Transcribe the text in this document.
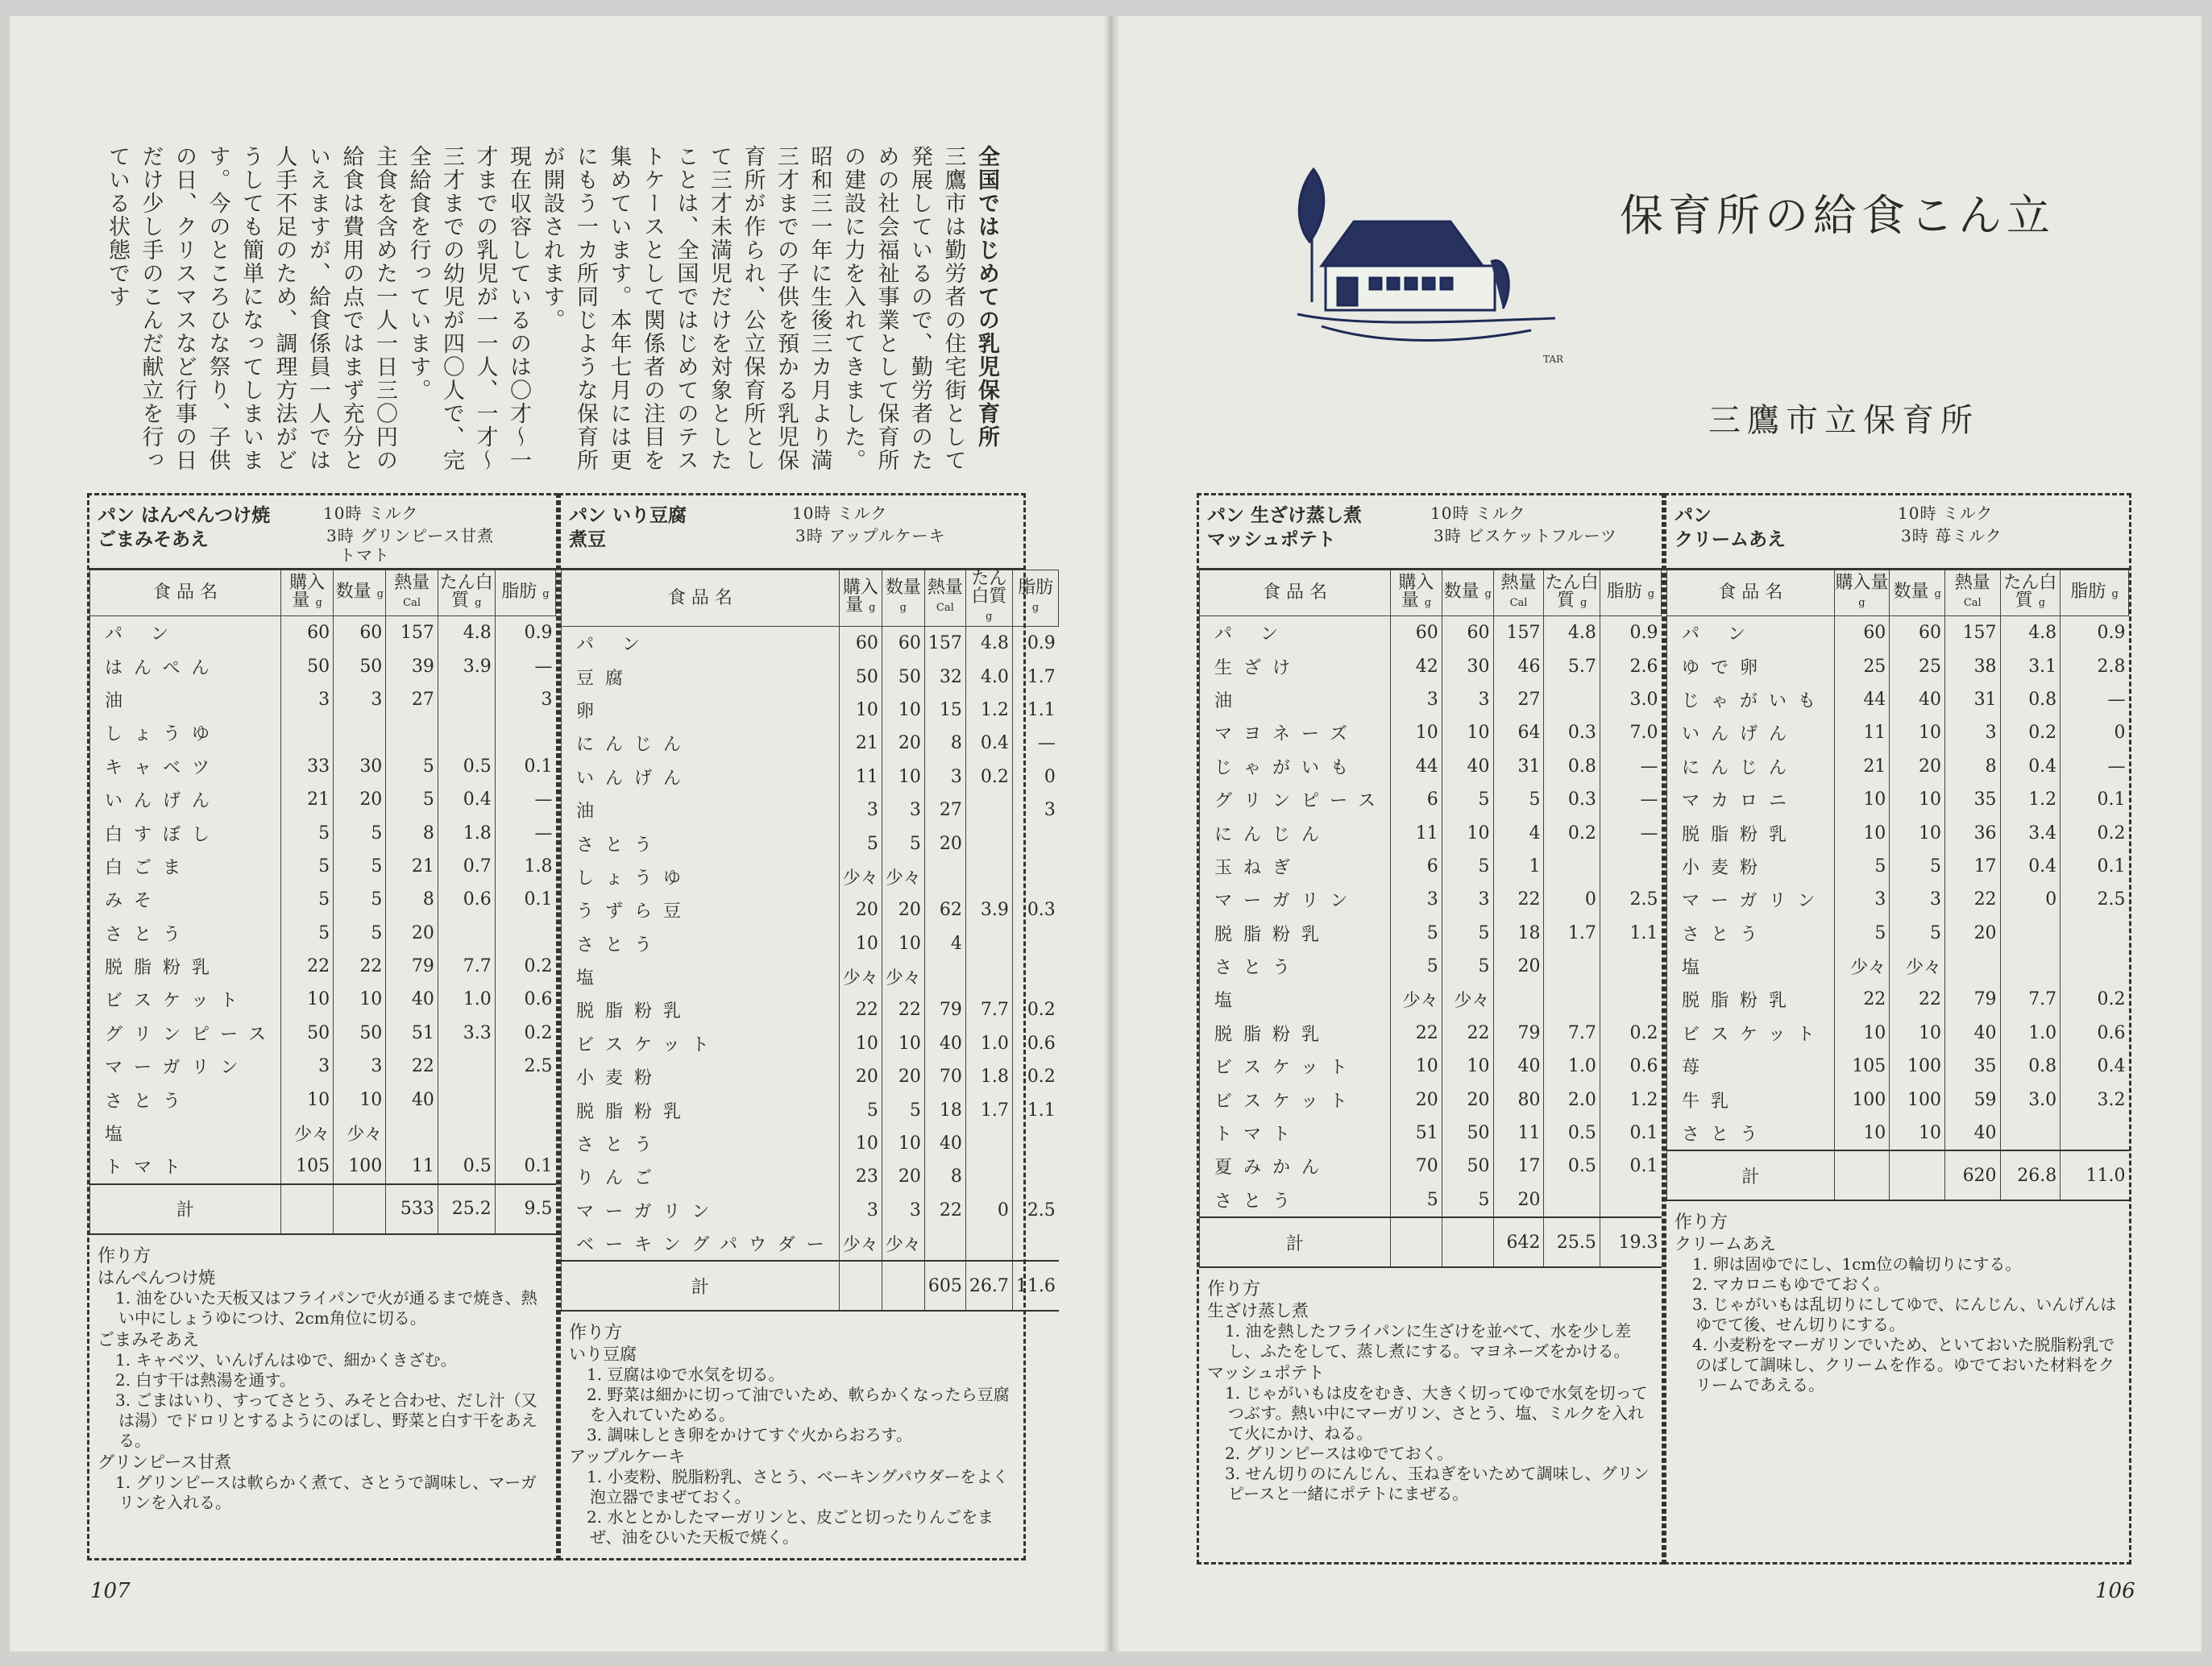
全国ではじめての乳児保育所

三鷹市は勤労者の住宅街として発展しているので、勤労者のための社会福祉事業として保育所の建設に力を入れてきました。昭和三一年に生後三カ月より満三才までの子供を預かる乳児保育所が作られ、公立保育所として三才未満児だけを対象としたことは、全国ではじめてのテストケースとして関係者の注目を集めています。本年七月には更にもう一カ所同じような保育所が開設されます。

現在収容しているのは〇才〜一才までの乳児が一一人、一才〜三才までの幼児が四〇人で、完全給食を行っています。

主食を含めた一人一日三〇円の給食は費用の点ではまず充分といえますが、給食係員一人では人手不足のため、調理方法がどうしても簡単になってしまいます。今のところひな祭り、子供の日、クリスマスなど行事の日だけ少し手のこんだ献立を行っている状態です

TAR
保育所の給食こん立
三鷹市立保育所
パン はんぺんつけ焼
ごまみそあえ
10時 ミルク
3時 グリンピース甘煮
トマト
食 品 名	購入量 g	数量 g	熱量 Cal	たん白質 g	脂肪 g
パ ン	60	60	157	4.8	0.9
はんぺん	50	50	39	3.9	—
油	3	3	27		3
しょうゆ					
キャベツ	33	30	5	0.5	0.1
いんげん	21	20	5	0.4	—
白すぼし	5	5	8	1.8	—
白ごま	5	5	21	0.7	1.8
みそ	5	5	8	0.6	0.1
さとう	5	5	20		
脱脂粉乳	22	22	79	7.7	0.2
ビスケット	10	10	40	1.0	0.6
グリンピース	50	50	51	3.3	0.2
マーガリン	3	3	22		2.5
さとう	10	10	40		
塩	少々	少々			
トマト	105	100	11	0.5	0.1
計			533	25.2	9.5
作り方
はんぺんつけ焼
1. 油をひいた天板又はフライパンで火が通るまで焼き、熱い中にしょうゆにつけ、2cm角位に切る。
ごまみそあえ
1. キャベツ、いんげんはゆで、細かくきざむ。
2. 白す干は熱湯を通す。
3. ごまはいり、すってさとう、みそと合わせ、だし汁（又は湯）でドロリとするようにのばし、野菜と白す干をあえる。
グリンピース甘煮
1. グリンピースは軟らかく煮て、さとうで調味し、マーガリンを入れる。
パン いり豆腐
煮豆
10時 ミルク
3時 アップルケーキ
食 品 名	購入量 g	数量 g	熱量 Cal	たん白質 g	脂肪 g
パ ン	60	60	157	4.8	0.9
豆腐	50	50	32	4.0	1.7
卵	10	10	15	1.2	1.1
にんじん	21	20	8	0.4	—
いんげん	11	10	3	0.2	0
油	3	3	27		3
さとう	5	5	20		
しょうゆ	少々	少々			
うずら豆	20	20	62	3.9	0.3
さとう	10	10	4		
塩	少々	少々			
脱脂粉乳	22	22	79	7.7	0.2
ビスケット	10	10	40	1.0	0.6
小麦粉	20	20	70	1.8	0.2
脱脂粉乳	5	5	18	1.7	1.1
さとう	10	10	40		
りんご	23	20	8		
マーガリン	3	3	22	0	2.5
ベーキングパウダー	少々	少々			
計			605	26.7	11.6
作り方
いり豆腐
1. 豆腐はゆで水気を切る。
2. 野菜は細かに切って油でいため、軟らかくなったら豆腐を入れていためる。
3. 調味しとき卵をかけてすぐ火からおろす。
アップルケーキ
1. 小麦粉、脱脂粉乳、さとう、ベーキングパウダーをよく泡立器でまぜておく。
2. 水ととかしたマーガリンと、皮ごと切ったりんごをまぜ、油をひいた天板で焼く。
パン 生ざけ蒸し煮
マッシュポテト
10時 ミルク
3時 ビスケットフルーツ
食 品 名	購入量 g	数量 g	熱量 Cal	たん白質 g	脂肪 g
パ ン	60	60	157	4.8	0.9
生ざけ	42	30	46	5.7	2.6
油	3	3	27		3.0
マヨネーズ	10	10	64	0.3	7.0
じゃがいも	44	40	31	0.8	—
グリンピース	6	5	5	0.3	—
にんじん	11	10	4	0.2	—
玉ねぎ	6	5	1		
マーガリン	3	3	22	0	2.5
脱脂粉乳	5	5	18	1.7	1.1
さとう	5	5	20		
塩	少々	少々			
脱脂粉乳	22	22	79	7.7	0.2
ビスケット	10	10	40	1.0	0.6
ビスケット	20	20	80	2.0	1.2
トマト	51	50	11	0.5	0.1
夏みかん	70	50	17	0.5	0.1
さとう	5	5	20		
計			642	25.5	19.3
作り方
生ざけ蒸し煮
1. 油を熱したフライパンに生ざけを並べて、水を少し差し、ふたをして、蒸し煮にする。マヨネーズをかける。
マッシュポテト
1. じゃがいもは皮をむき、大きく切ってゆで水気を切ってつぶす。熱い中にマーガリン、さとう、塩、ミルクを入れて火にかけ、ねる。
2. グリンピースはゆでておく。
3. せん切りのにんじん、玉ねぎをいためて調味し、グリンピースと一緒にポテトにまぜる。
パン
クリームあえ
10時 ミルク
3時 苺ミルク
食 品 名	購入量 g	数量 g	熱量 Cal	たん白質 g	脂肪 g
パ ン	60	60	157	4.8	0.9
ゆで卵	25	25	38	3.1	2.8
じゃがいも	44	40	31	0.8	—
いんげん	11	10	3	0.2	0
にんじん	21	20	8	0.4	—
マカロニ	10	10	35	1.2	0.1
脱脂粉乳	10	10	36	3.4	0.2
小麦粉	5	5	17	0.4	0.1
マーガリン	3	3	22	0	2.5
さとう	5	5	20		
塩	少々	少々			
脱脂粉乳	22	22	79	7.7	0.2
ビスケット	10	10	40	1.0	0.6
苺	105	100	35	0.8	0.4
牛乳	100	100	59	3.0	3.2
さとう	10	10	40		
計			620	26.8	11.0
作り方
クリームあえ
1. 卵は固ゆでにし、1cm位の輪切りにする。
2. マカロニもゆでておく。
3. じゃがいもは乱切りにしてゆで、にんじん、いんげんはゆでて後、せん切りにする。
4. 小麦粉をマーガリンでいため、といておいた脱脂粉乳でのばして調味し、クリームを作る。ゆでておいた材料をクリームであえる。
107	106
